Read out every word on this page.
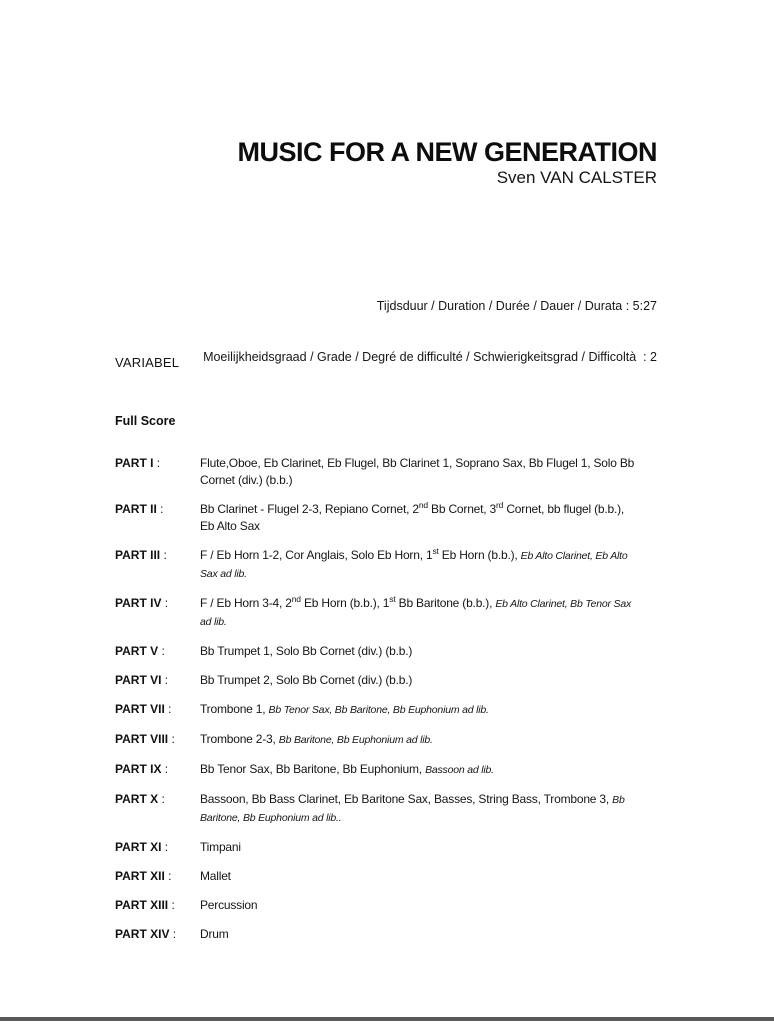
MUSIC FOR A NEW GENERATION
Sven VAN CALSTER

Tijdsduur / Duration / Durée / Dauer / Durata : 5:27

Moeilijkheidsgraad / Grade / Degré de difficulté / Schwierigkeitsgrad / Difficoltà  : 2

VARIABEL
Full Score
PART I :	Flute,Oboe, Eb Clarinet, Eb Flugel, Bb Clarinet 1, Soprano Sax, Bb Flugel 1, Solo Bb
Cornet (div.) (b.b.)
PART II :	Bb Clarinet - Flugel 2-3, Repiano Cornet, 2nd Bb Cornet, 3rd Cornet, bb flugel (b.b.),
Eb Alto Sax
PART III :	F / Eb Horn 1-2, Cor Anglais, Solo Eb Horn, 1st Eb Horn (b.b.), Eb Alto Clarinet, Eb Alto
Sax ad lib.
PART IV :	F / Eb Horn 3-4, 2nd Eb Horn (b.b.), 1st Bb Baritone (b.b.), Eb Alto Clarinet, Bb Tenor Sax
ad lib.
PART V :	Bb Trumpet 1, Solo Bb Cornet (div.) (b.b.)
PART VI :	Bb Trumpet 2, Solo Bb Cornet (div.) (b.b.)
PART VII :	Trombone 1, Bb Tenor Sax, Bb Baritone, Bb Euphonium ad lib.
PART VIII :	Trombone 2-3, Bb Baritone, Bb Euphonium ad lib.
PART IX :	Bb Tenor Sax, Bb Baritone, Bb Euphonium, Bassoon ad lib.
PART X :	Bassoon, Bb Bass Clarinet, Eb Baritone Sax, Basses, String Bass, Trombone 3, Bb
Baritone, Bb Euphonium ad lib..
PART XI :	Timpani
PART XII :	Mallet
PART XIII :	Percussion
PART XIV :	Drum
